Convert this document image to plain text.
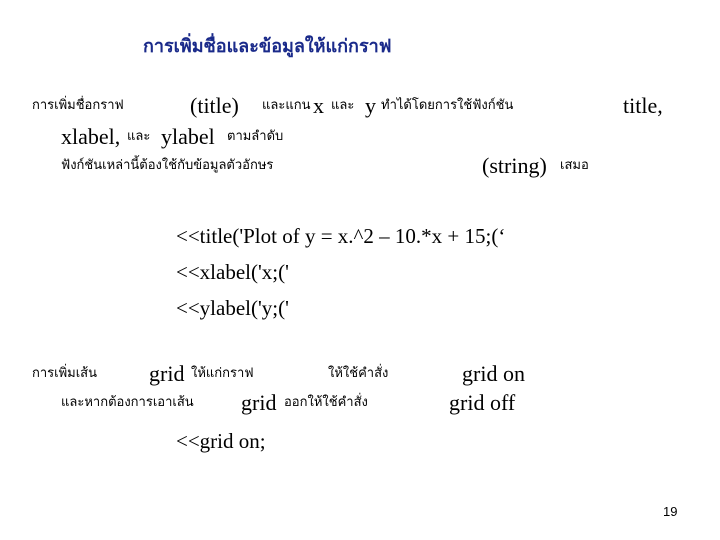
การเพิ่มชื่อและข้อมูลให้แก่กราฟ
การเพิ่มชื่อกราฟ	(title) และแกน x และ y ทำได้โดยการใช้ฟังก์ชัน	title,
xlabel, และ ylabel ตามลำดับ
ฟังก์ชันเหล่านี้ต้องใช้กับข้อมูลตัวอักษร	(string) เสมอ
<<title('Plot of y = x.^2 – 10.*x + 15;(‘
<<xlabel('x;('
<<ylabel('y;('
การเพิ่มเส้น grid ให้แก่กราฟ	ให้ใช้คำสั่ง	grid on
และหากต้องการเอาเส้น grid ออกให้ใช้คำสั่ง	grid off
<<grid on;
19
